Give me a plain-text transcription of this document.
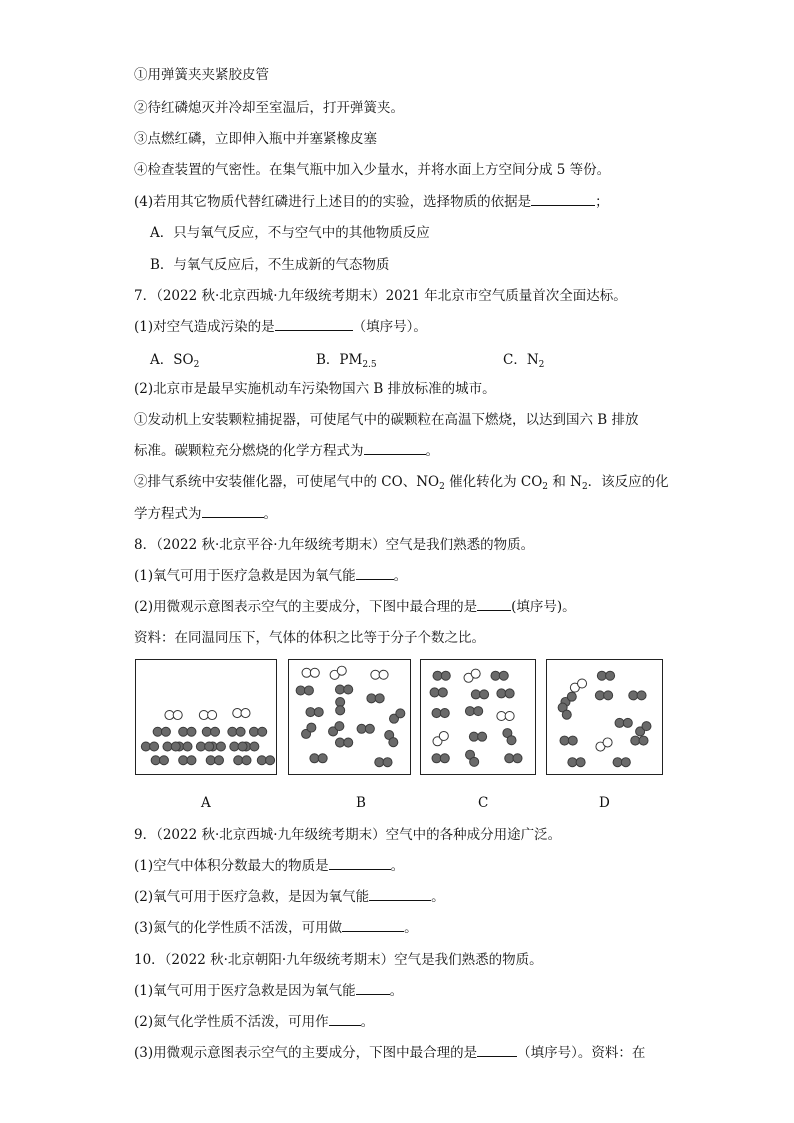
①用弹簧夹夹紧胶皮管
②待红磷熄灭并冷却至室温后，打开弹簧夹。
③点燃红磷，立即伸入瓶中并塞紧橡皮塞
④检查装置的气密性。在集气瓶中加入少量水，并将水面上方空间分成 5 等份。
(4)若用其它物质代替红磷进行上述目的的实验，选择物质的依据是	；
A．只与氧气反应，不与空气中的其他物质反应
B．与氧气反应后，不生成新的气态物质
7．（2022 秋·北京西城·九年级统考期末）2021 年北京市空气质量首次全面达标。
(1)对空气造成污染的是	（填序号）。
A．$SO_2$	B．$PM_{2.5}$	C．$N_2$
(2)北京市是最早实施机动车污染物国六 B 排放标准的城市。
①发动机上安装颗粒捕捉器，可使尾气中的碳颗粒在高温下燃烧，以达到国六 B 排放
标准。碳颗粒充分燃烧的化学方程式为	。
②排气系统中安装催化器，可使尾气中的 CO、$NO_2$ 催化转化为 $CO_2$ 和 $N_2$．该反应的化
学方程式为	。
8．（2022 秋·北京平谷·九年级统考期末）空气是我们熟悉的物质。
(1)氧气可用于医疗急救是因为氧气能	。
(2)用微观示意图表示空气的主要成分，下图中最合理的是	(填序号)。
资料：在同温同压下，气体的体积之比等于分子个数之比。
A	B	C	D
9．（2022 秋·北京西城·九年级统考期末）空气中的各种成分用途广泛。
(1)空气中体积分数最大的物质是	。
(2)氧气可用于医疗急救，是因为氧气能	。
(3)氮气的化学性质不活泼，可用做	。
10．（2022 秋·北京朝阳·九年级统考期末）空气是我们熟悉的物质。
(1)氧气可用于医疗急救是因为氧气能	。
(2)氮气化学性质不活泼，可用作 。
(3)用微观示意图表示空气的主要成分，下图中最合理的是	（填序号）。资料：在
